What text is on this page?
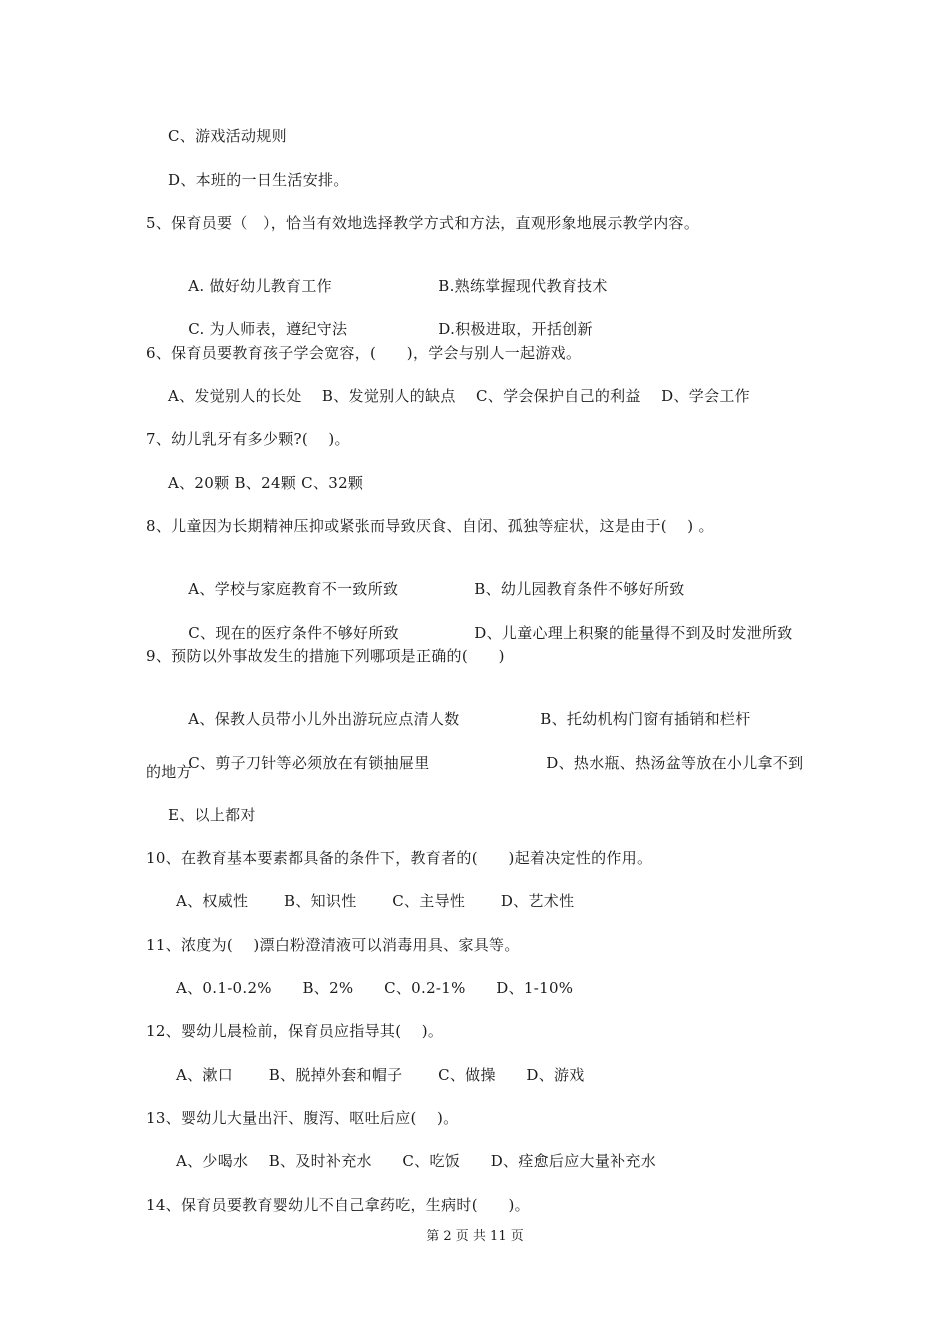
C、游戏活动规则
D、本班的一日生活安排。
5、保育员要（　），恰当有效地选择教学方式和方法，直观形象地展示教学内容。

A. 做好幼儿教育工作	B.熟练掌握现代教育技术

C. 为人师表，遵纪守法	D.积极进取，开括创新

6、保育员要教育孩子学会宽容，(　　)，学会与别人一起游戏。
A、发觉别人的长处　 B、发觉别人的缺点　 C、学会保护自己的利益　 D、学会工作
7、幼儿乳牙有多少颗?(　 )。
A、20颗 B、24颗 C、32颗
8、儿童因为长期精神压抑或紧张而导致厌食、自闭、孤独等症状，这是由于(　 ) 。

A、学校与家庭教育不一致所致	B、幼儿园教育条件不够好所致

C、现在的医疗条件不够好所致	D、儿童心理上积聚的能量得不到及时发泄所致

9、预防以外事故发生的措施下列哪项是正确的(　　)

A、保教人员带小儿外出游玩应点清人数	B、托幼机构门窗有插销和栏杆

C、剪子刀针等必须放在有锁抽屉里	D、热水瓶、热汤盆等放在小儿拿不到

的地方
E、以上都对
10、在教育基本要素都具备的条件下，教育者的(　　)起着决定性的作用。
A、权威性　　 B、知识性　　 C、主导性　　 D、艺术性
11、浓度为(　 )漂白粉澄清液可以消毒用具、家具等。
A、0.1-0.2%　　B、2%　　C、0.2-1%　　D、1-10%
12、婴幼儿晨检前，保育员应指导其(　 )。
A、漱口　　 B、脱掉外套和帽子　　 C、做操　　D、游戏
13、婴幼儿大量出汗、腹泻、呕吐后应(　 )。
A、少喝水　 B、及时补充水　　C、吃饭　　D、痊愈后应大量补充水
14、保育员要教育婴幼儿不自己拿药吃，生病时(　　)。
第 2 页 共 11 页
